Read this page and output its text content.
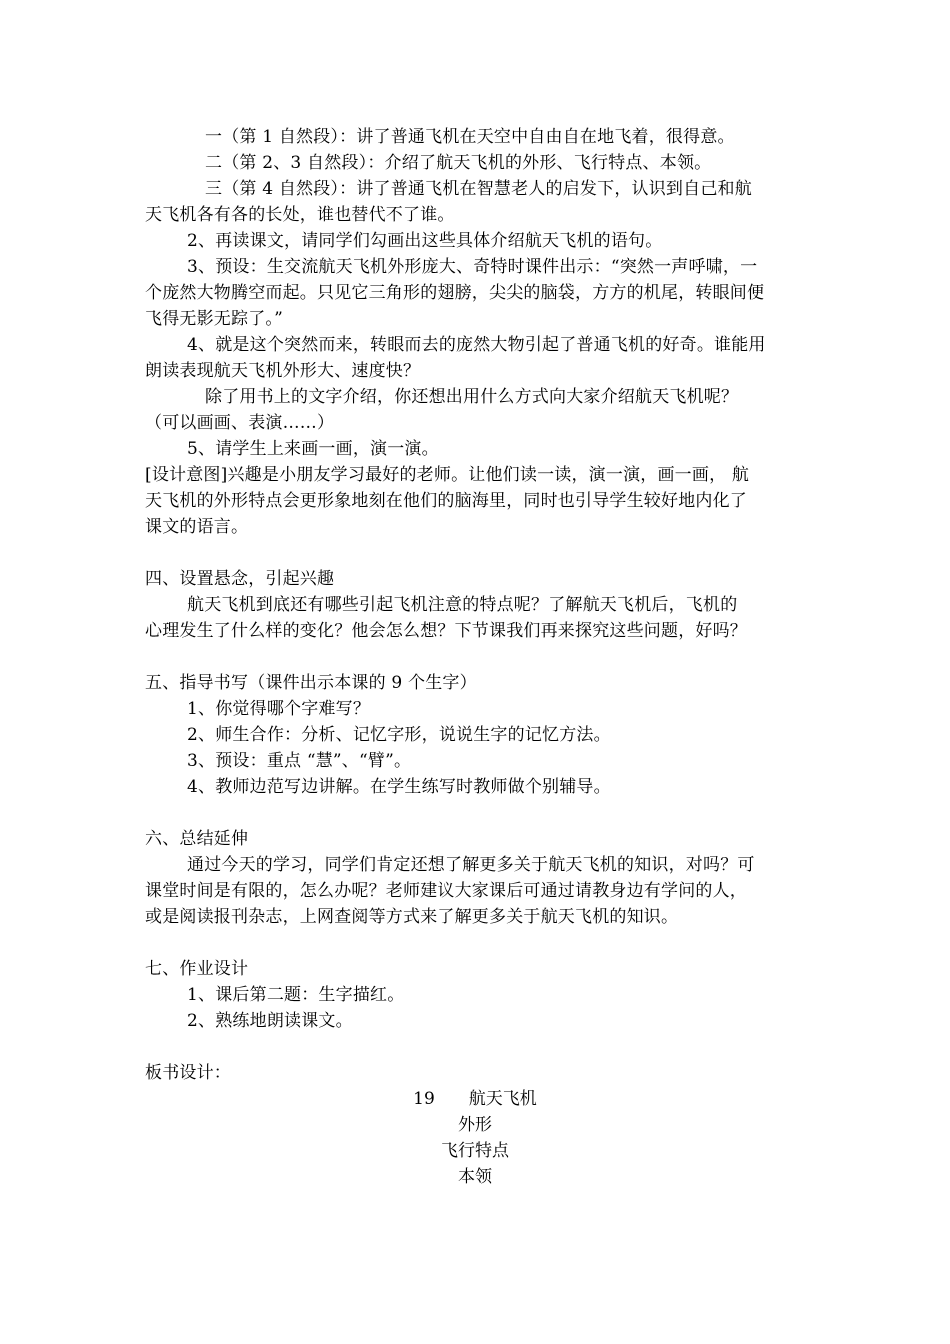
一（第 1 自然段）：讲了普通飞机在天空中自由自在地飞着，很得意。
二（第 2、3 自然段）：介绍了航天飞机的外形、飞行特点、本领。
三（第 4 自然段）：讲了普通飞机在智慧老人的启发下，认识到自己和航
天飞机各有各的长处，谁也替代不了谁。
2、再读课文，请同学们勾画出这些具体介绍航天飞机的语句。
3、预设：生交流航天飞机外形庞大、奇特时课件出示：“突然一声呼啸，一
个庞然大物腾空而起。只见它三角形的翅膀，尖尖的脑袋，方方的机尾，转眼间便
飞得无影无踪了。”
4、就是这个突然而来，转眼而去的庞然大物引起了普通飞机的好奇。谁能用
朗读表现航天飞机外形大、速度快？
除了用书上的文字介绍，你还想出用什么方式向大家介绍航天飞机呢？
（可以画画、表演……）
5、请学生上来画一画，演一演。
[设计意图]兴趣是小朋友学习最好的老师。让他们读一读，演一演，画一画， 航
天飞机的外形特点会更形象地刻在他们的脑海里，同时也引导学生较好地内化了
课文的语言。
四、设置悬念，引起兴趣
航天飞机到底还有哪些引起飞机注意的特点呢？了解航天飞机后，飞机的
心理发生了什么样的变化？他会怎么想？下节课我们再来探究这些问题，好吗？
五、指导书写（课件出示本课的 9 个生字）
1、你觉得哪个字难写？
2、师生合作：分析、记忆字形，说说生字的记忆方法。
3、预设：重点 “慧”、“臂”。
4、教师边范写边讲解。在学生练写时教师做个别辅导。
六、总结延伸
通过今天的学习，同学们肯定还想了解更多关于航天飞机的知识，对吗？可
课堂时间是有限的，怎么办呢？老师建议大家课后可通过请教身边有学问的人，
或是阅读报刊杂志，上网查阅等方式来了解更多关于航天飞机的知识。
七、作业设计
1、课后第二题：生字描红。
2、熟练地朗读课文。
板书设计：
19　　航天飞机
外形
飞行特点
本领
